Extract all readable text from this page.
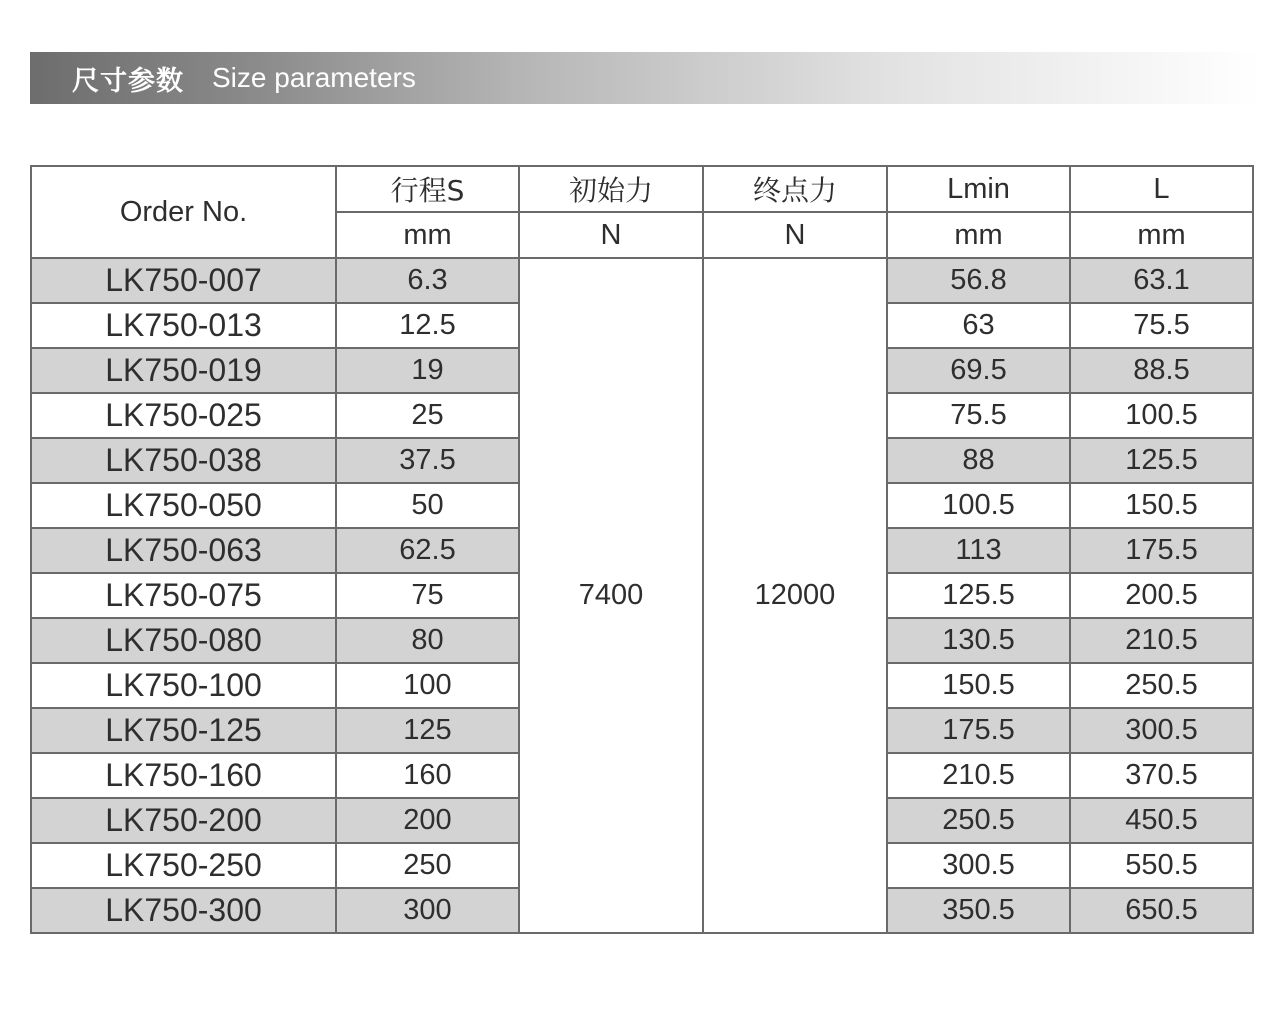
尺寸参数 Size parameters
Order No.	行程S	初始力	终点力	Lmin	L
	mm	N	N	mm	mm
LK750-007	6.3	7400	12000	56.8	63.1
LK750-013	12.5			63	75.5
LK750-019	19			69.5	88.5
LK750-025	25			75.5	100.5
LK750-038	37.5			88	125.5
LK750-050	50			100.5	150.5
LK750-063	62.5			113	175.5
LK750-075	75			125.5	200.5
LK750-080	80			130.5	210.5
LK750-100	100			150.5	250.5
LK750-125	125			175.5	300.5
LK750-160	160			210.5	370.5
LK750-200	200			250.5	450.5
LK750-250	250			300.5	550.5
LK750-300	300			350.5	650.5
